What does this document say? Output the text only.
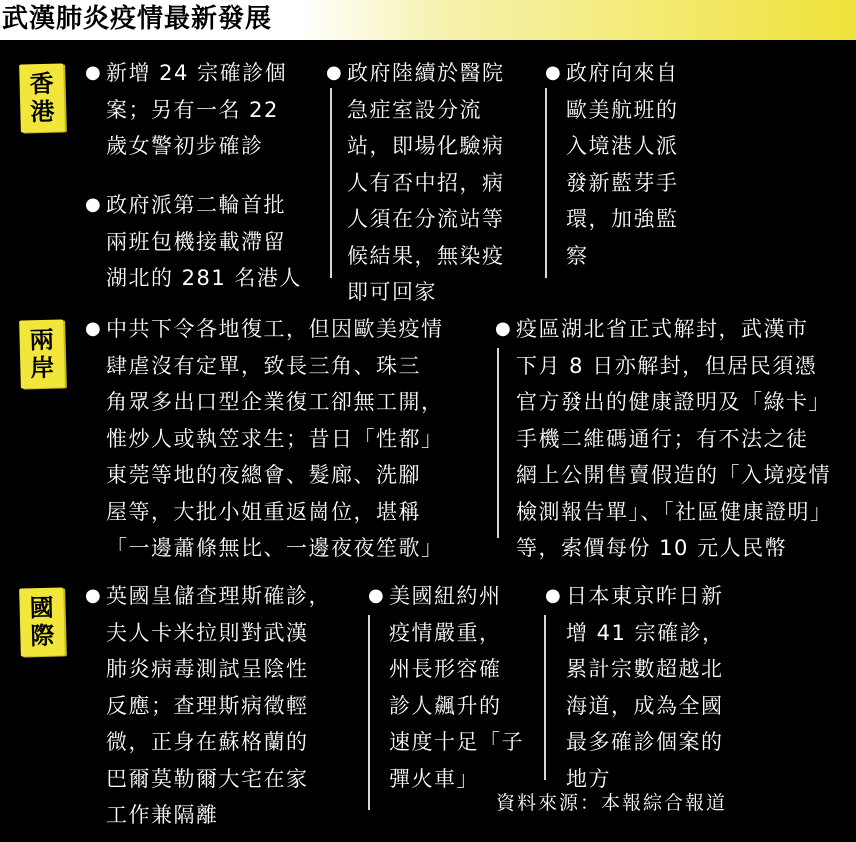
武漢肺炎疫情最新發展
香
港
● 新增 24 宗確診個
案；另有一名 22
歲女警初步確診
● 政府派第二輪首批
兩班包機接載滯留
湖北的 281 名港人
● 政府陸續於醫院
急症室設分流
站，即場化驗病
人有否中招，病
人須在分流站等
候結果，無染疫
即可回家
● 政府向來自
歐美航班的
入境港人派
發新藍芽手
環，加強監
察
兩
岸
● 中共下令各地復工，但因歐美疫情
肆虐沒有定單，致長三角、珠三
角眾多出口型企業復工卻無工開，
惟炒人或執笠求生；昔日「性都」
東莞等地的夜總會、髮廊、洗腳
屋等，大批小姐重返崗位，堪稱
「一邊蕭條無比、一邊夜夜笙歌」
● 疫區湖北省正式解封，武漢市
下月 8 日亦解封，但居民須憑
官方發出的健康證明及「綠卡」
手機二維碼通行；有不法之徒
網上公開售賣假造的「入境疫情
檢測報告單」、「社區健康證明」
等，索價每份 10 元人民幣
國
際
● 英國皇儲查理斯確診，
夫人卡米拉則對武漢
肺炎病毒測試呈陰性
反應；查理斯病徵輕
微，正身在蘇格蘭的
巴爾莫勒爾大宅在家
工作兼隔離
● 美國紐約州
疫情嚴重，
州長形容確
診人飆升的
速度十足「子
彈火車」
● 日本東京昨日新
增 41 宗確診，
累計宗數超越北
海道，成為全國
最多確診個案的
地方
資料來源：本報綜合報道
